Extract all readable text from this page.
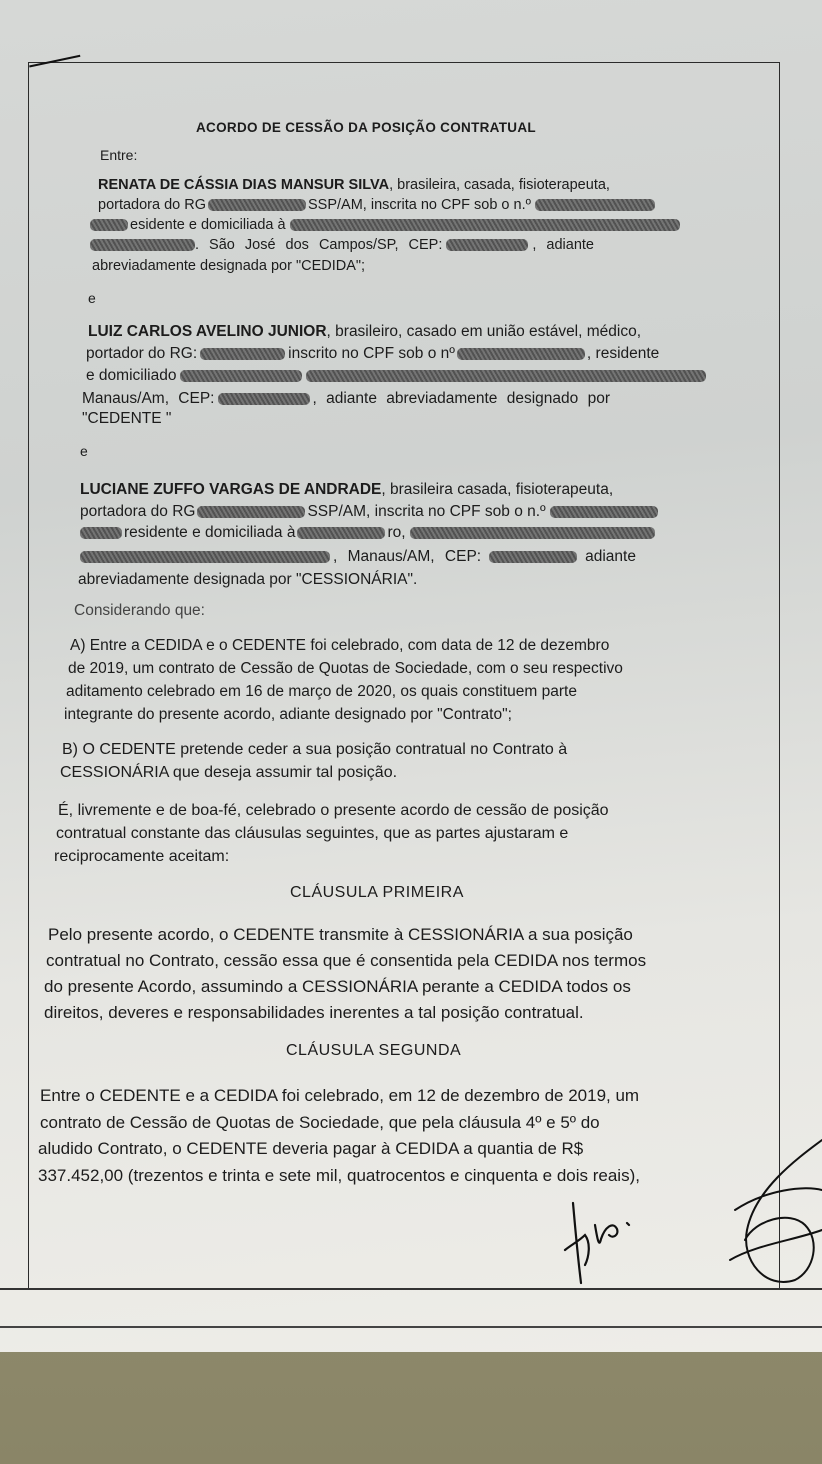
ACORDO DE CESSÃO DA POSIÇÃO CONTRATUAL
Entre:
RENATA DE CÁSSIA DIAS MANSUR SILVA, brasileira, casada, fisioterapeuta,
portadora do RG	SSP/AM, inscrita no CPF sob o n.º
esidente e domiciliada à
. São José dos Campos/SP, CEP:	, adiante
abreviadamente designada por "CEDIDA";
e
LUIZ CARLOS AVELINO JUNIOR, brasileiro, casado em união estável, médico,
portador do RG:	inscrito no CPF sob o nº	, residente
e domiciliado
Manaus/Am, CEP:	, adiante abreviadamente designado por
"CEDENTE "
e
LUCIANE ZUFFO VARGAS DE ANDRADE, brasileira casada, fisioterapeuta,
portadora do RG	SSP/AM, inscrita no CPF sob o n.º
residente e domiciliada à	ro,
, Manaus/AM, CEP:	adiante
abreviadamente designada por "CESSIONÁRIA".
Considerando que:
A) Entre a CEDIDA e o CEDENTE foi celebrado, com data de 12 de dezembro
de 2019, um contrato de Cessão de Quotas de Sociedade, com o seu respectivo
aditamento celebrado em 16 de março de 2020, os quais constituem parte
integrante do presente acordo, adiante designado por "Contrato";
B) O CEDENTE pretende ceder a sua posição contratual no Contrato à
CESSIONÁRIA que deseja assumir tal posição.
É, livremente e de boa-fé, celebrado o presente acordo de cessão de posição
contratual constante das cláusulas seguintes, que as partes ajustaram e
reciprocamente aceitam:
CLÁUSULA PRIMEIRA
Pelo presente acordo, o CEDENTE transmite à CESSIONÁRIA a sua posição
contratual no Contrato, cessão essa que é consentida pela CEDIDA nos termos
do presente Acordo, assumindo a CESSIONÁRIA perante a CEDIDA todos os
direitos, deveres e responsabilidades inerentes a tal posição contratual.
CLÁUSULA SEGUNDA
Entre o CEDENTE e a CEDIDA foi celebrado, em 12 de dezembro de 2019, um
contrato de Cessão de Quotas de Sociedade, que pela cláusula 4º e 5º do
aludido Contrato, o CEDENTE deveria pagar à CEDIDA a quantia de R$
337.452,00 (trezentos e trinta e sete mil, quatrocentos e cinquenta e dois reais),
